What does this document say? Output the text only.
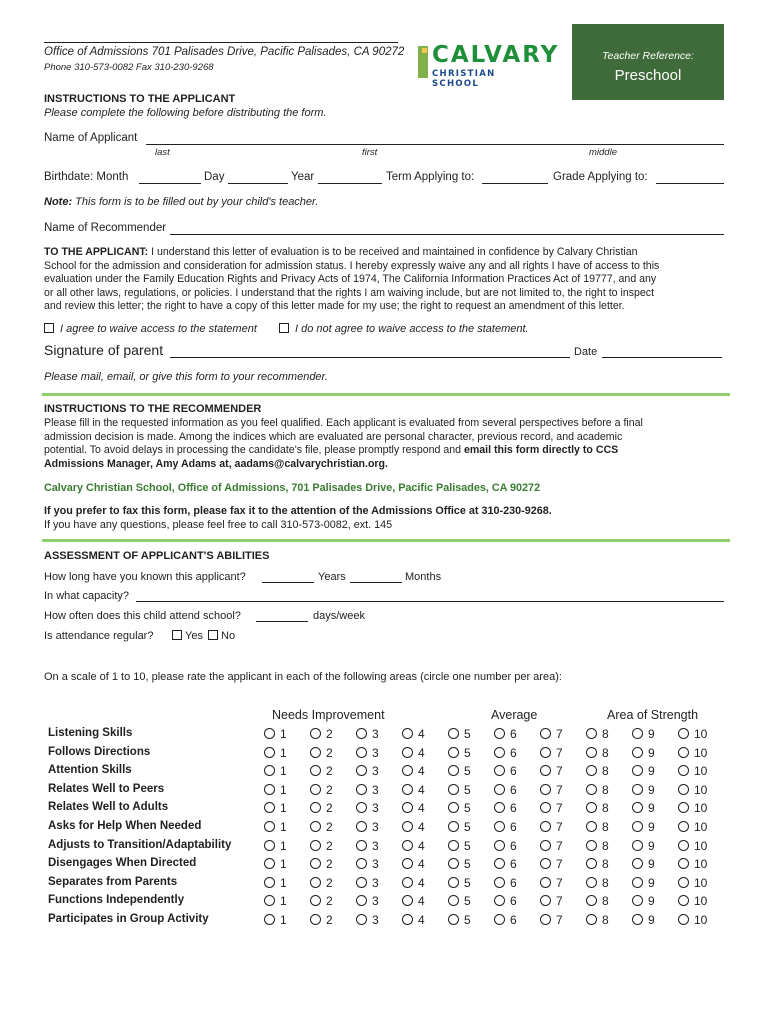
Office of Admissions 701 Palisades Drive, Pacific Palisades, CA 90272
Phone 310-573-0082 Fax 310-230-9268	CALVARY
CHRISTIAN SCHOOL
Teacher Reference:
Preschool
INSTRUCTIONS TO THE APPLICANT
Please complete the following before distributing the form.
Name of Applicant
last	first	middle
Birthdate: Month	Day	Year	Term Applying to:	Grade Applying to:
Note: This form is to be filled out by your child's teacher.
Name of Recommender
TO THE APPLICANT: I understand this letter of evaluation is to be received and maintained in confidence by Calvary Christian
School for the admission and consideration for admission status. I hereby expressly waive any and all rights I have of access to this
evaluation under the Family Education Rights and Privacy Acts of 1974, The California Information Practices Act of 19777, and any
or all other laws, regulations, or policies. I understand that the rights I am waiving include, but are not limited to, the right to inspect
and review this letter; the right to have a copy of this letter made for my use; the right to request an amendment of this letter.
I agree to waive access to the statement	I do not agree to waive access to the statement.
Signature of parent	Date
Please mail, email, or give this form to your recommender.
INSTRUCTIONS TO THE RECOMMENDER
Please fill in the requested information as you feel qualified. Each applicant is evaluated from several perspectives before a final
admission decision is made. Among the indices which are evaluated are personal character, previous record, and academic
potential. To avoid delays in processing the candidate's file, please promptly respond and email this form directly to CCS
Admissions Manager, Amy Adams at, aadams@calvarychristian.org.
Calvary Christian School, Office of Admissions, 701 Palisades Drive, Pacific Palisades, CA 90272
If you prefer to fax this form, please fax it to the attention of the Admissions Office at 310-230-9268.
If you have any questions, please feel free to call 310-573-0082, ext. 145
ASSESSMENT OF APPLICANT'S ABILITIES
How long have you known this applicant?	Years	Months
In what capacity?
How often does this child attend school?	days/week
Is attendance regular?	Yes	No
On a scale of 1 to 10, please rate the applicant in each of the following areas (circle one number per area):
Needs Improvement	Average	Area of Strength
Listening Skills	1	2	3	4	5	6	7	8	9	10
Follows Directions	1	2	3	4	5	6	7	8	9	10
Attention Skills	1	2	3	4	5	6	7	8	9	10
Relates Well to Peers	1	2	3	4	5	6	7	8	9	10
Relates Well to Adults	1	2	3	4	5	6	7	8	9	10
Asks for Help When Needed	1	2	3	4	5	6	7	8	9	10
Adjusts to Transition/Adaptability	1	2	3	4	5	6	7	8	9	10
Disengages When Directed	1	2	3	4	5	6	7	8	9	10
Separates from Parents	1	2	3	4	5	6	7	8	9	10
Functions Independently	1	2	3	4	5	6	7	8	9	10
Participates in Group Activity	1	2	3	4	5	6	7	8	9	10
